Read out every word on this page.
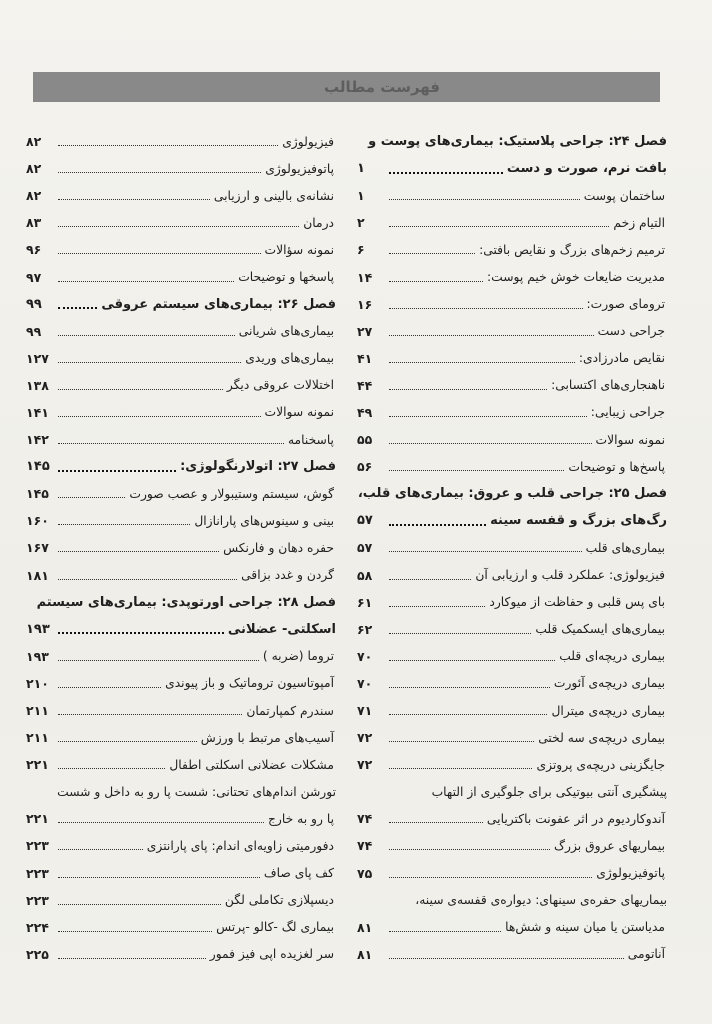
فهرست مطالب
فصل ۲۴: جراحی پلاستیک: بیماری‌های پوست و
بافت نرم، صورت و دست
۱
ساختمان پوست
۱
التیام زخم
۲
ترمیم زخم‌های بزرگ و نقایص بافتی:
۶
مدیریت ضایعات خوش خیم پوست:
۱۴
ترومای صورت:
۱۶
جراحی دست
۲۷
نقایص مادرزادی:
۴۱
ناهنجاری‌های اکتسابی:
۴۴
جراحی زیبایی:
۴۹
نمونه سوالات
۵۵
پاسخ‌ها و توضیحات
۵۶
فصل ۲۵: جراحی قلب و عروق: بیماری‌های قلب،
رگ‌های بزرگ و قفسه سینه
۵۷
بیماری‌های قلب
۵۷
فیزیولوژی: عملکرد قلب و ارزیابی آن
۵۸
بای پس قلبی و حفاظت از میوکارد
۶۱
بیماری‌های ایسکمیک قلب
۶۲
بیماری دریچه‌ای قلب
۷۰
بیماری دریچه‌ی آئورت
۷۰
بیماری دریچه‌ی میترال
۷۱
بیماری دریچه‌ی سه لختی
۷۲
جایگزینی دریچه‌ی پروتزی
۷۲
پیشگیری آنتی بیوتیکی برای جلوگیری از التهاب
آندوکاردیوم در اثر عفونت باکتریایی
۷۴
بیماریهای عروق بزرگ
۷۴
پاتوفیزیولوژی
۷۵
بیماریهای حفره‌ی سینهای: دیواره‌ی قفسه‌ی سینه،
مدیاستن یا میان سینه و شش‌ها
۸۱
آناتومی
۸۱
فیزیولوژی
۸۲
پاتوفیزیولوژی
۸۲
نشانه‌ی بالینی و ارزیابی
۸۲
درمان
۸۳
نمونه سؤالات
۹۶
پاسخها و توضیحات
۹۷
فصل ۲۶: بیماری‌های سیستم عروقی
۹۹
بیماری‌های شریانی
۹۹
بیماری‌های وریدی
۱۲۷
اختلالات عروقی دیگر
۱۳۸
نمونه سوالات
۱۴۱
پاسخنامه
۱۴۲
فصل ۲۷: اتولارنگولوژی:
۱۴۵
گوش، سیستم وستیبولار و عصب صورت
۱۴۵
بینی و سینوس‌های پارانازال
۱۶۰
حفره دهان و فارنکس
۱۶۷
گردن و غدد بزاقی
۱۸۱
فصل ۲۸: جراحی اورتوپدی: بیماری‌های سیستم
اسکلتی- عضلانی
۱۹۳
تروما (ضربه )
۱۹۳
آمپوتاسیون تروماتیک و باز پیوندی
۲۱۰
سندرم کمپارتمان
۲۱۱
آسیب‌های مرتبط با ورزش
۲۱۱
مشکلات عضلانی اسکلتی اطفال
۲۲۱
تورشن اندام‌های تحتانی: شست پا رو به داخل و شست
پا رو به خارج
۲۲۱
دفورمیتی زاویه‌ای اندام: پای پارانتزی
۲۲۳
کف پای صاف
۲۲۳
دیسپلازی تکاملی لگن
۲۲۳
بیماری لگ -کالو -پرتس
۲۲۴
سر لغزیده اپی فیز فمور
۲۲۵
